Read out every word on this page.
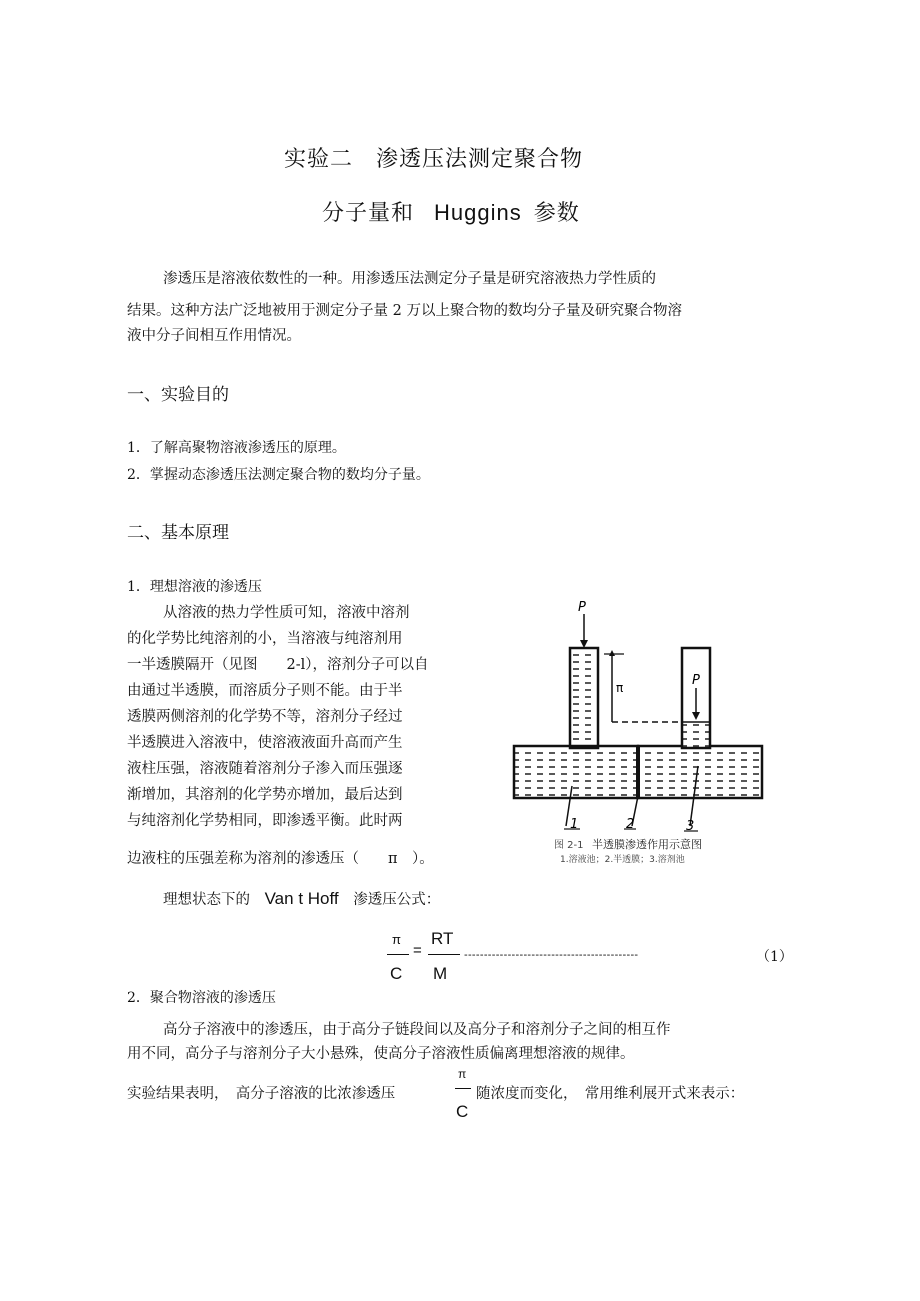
实验二　渗透压法测定聚合物
分子量和 Huggins 参数
渗透压是溶液依数性的一种。用渗透压法测定分子量是研究溶液热力学性质的
结果。这种方法广泛地被用于测定分子量 2 万以上聚合物的数均分子量及研究聚合物溶
液中分子间相互作用情况。
一、实验目的
1．了解高聚物溶液渗透压的原理。
2．掌握动态渗透压法测定聚合物的数均分子量。
二、基本原理
1．理想溶液的渗透压
从溶液的热力学性质可知，溶液中溶剂
的化学势比纯溶剂的小，当溶液与纯溶剂用
一半透膜隔开（见图　　2-l），溶剂分子可以自
由通过半透膜，而溶质分子则不能。由于半
透膜两侧溶剂的化学势不等，溶剂分子经过
半透膜进入溶液中，使溶液液面升高而产生
液柱压强，溶液随着溶剂分子渗入而压强逐
渐增加，其溶剂的化学势亦增加，最后达到
与纯溶剂化学势相同，即渗透平衡。此时两
边液柱的压强差称为溶剂的渗透压（　　π　）。
P
P
π
1	2	3
图 2-1 半透膜渗透作用示意图
1.溶液池；2.半透膜；3.溶剂池
理想状态下的 Van t Hoff 渗透压公式：
π
C
=
RT
M
--------------------------------------------	（1）
2．聚合物溶液的渗透压
高分子溶液中的渗透压，由于高分子链段间以及高分子和溶剂分子之间的相互作
用不同，高分子与溶剂分子大小悬殊，使高分子溶液性质偏离理想溶液的规律。
实验结果表明，　高分子溶液的比浓渗透压
π
C
随浓度而变化，　常用维利展开式来表示：
